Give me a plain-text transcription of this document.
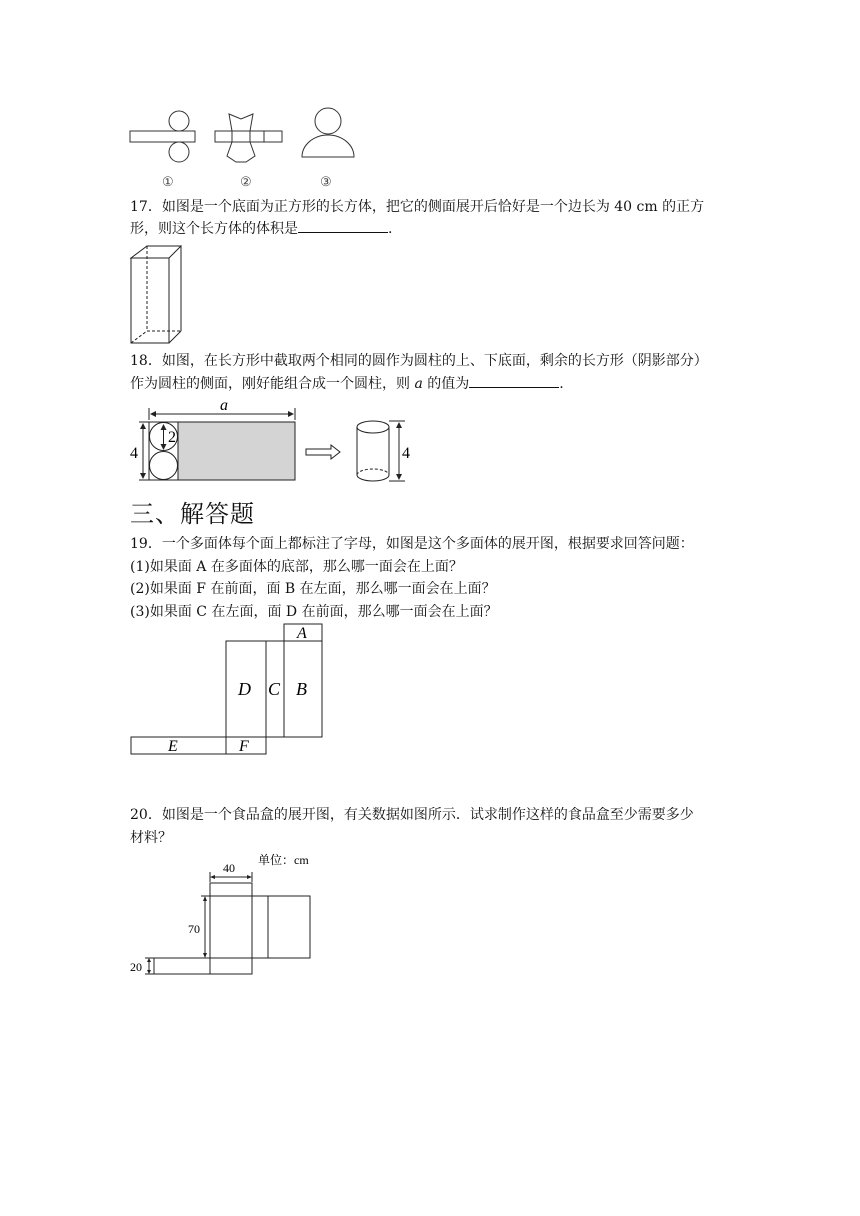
①	②	③
17．如图是一个底面为正方形的长方体，把它的侧面展开后恰好是一个边长为 40 cm 的正方
形，则这个长方体的体积是	.
18．如图，在长方形中截取两个相同的圆作为圆柱的上、下底面，剩余的长方形（阴影部分）
作为圆柱的侧面，刚好能组合成一个圆柱，则 a 的值为	.
a
2
4	4
三、解答题
19．一个多面体每个面上都标注了字母，如图是这个多面体的展开图，根据要求回答问题：
(1)如果面 A 在多面体的底部，那么哪一面会在上面？
(2)如果面 F 在前面，面 B 在左面，那么哪一面会在上面？
(3)如果面 C 在左面，面 D 在前面，那么哪一面会在上面？
A
D C B
E	F
20．如图是一个食品盒的展开图，有关数据如图所示．试求制作这样的食品盒至少需要多少
材料？
单位：cm
40
70
20
